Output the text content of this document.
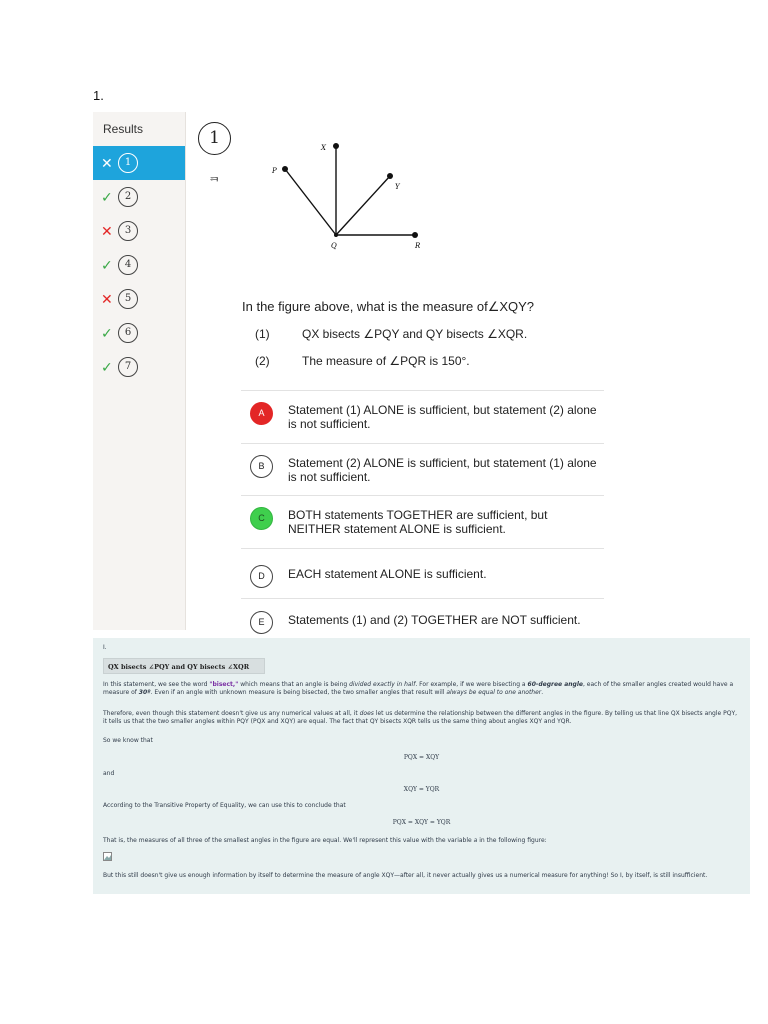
1.
Results
✕	1
✓	2
✕	3
✓	4
✕	5
✓	6
✓	7
1
ᆿ
X
P
Y
Q	R
In the figure above, what is the measure of∠XQY?
(1)	QX bisects ∠PQY and QY bisects ∠XQR.
(2)	The measure of ∠PQR is 150°.
A	Statement (1) ALONE is sufficient, but statement (2) alone is not sufficient.
B	Statement (2) ALONE is sufficient, but statement (1) alone is not sufficient.
C	BOTH statements TOGETHER are sufficient, but NEITHER statement ALONE is sufficient.
D	EACH statement ALONE is sufficient.
E	Statements (1) and (2) TOGETHER are NOT sufficient.

I.

QX bisects ∠PQY and QY bisects ∠XQR

In this statement, we see the word "bisect," which means that an angle is being divided exactly in half. For example, if we were bisecting a 60-degree angle, each of the smaller angles created would have a measure of 30º. Even if an angle with unknown measure is being bisected, the two smaller angles that result will always be equal to one another.

Therefore, even though this statement doesn't give us any numerical values at all, it does let us determine the relationship between the different angles in the figure. By telling us that line QX bisects angle PQY, it tells us that the two smaller angles within PQY (PQX and XQY) are equal. The fact that QY bisects XQR tells us the same thing about angles XQY and YQR.

So we know that

PQX = XQY

and

XQY = YQR

According to the Transitive Property of Equality, we can use this to conclude that

PQX = XQY = YQR

That is, the measures of all three of the smallest angles in the figure are equal. We'll represent this value with the variable a in the following figure:

But this still doesn't give us enough information by itself to determine the measure of angle XQY—after all, it never actually gives us a numerical measure for anything! So I, by itself, is still insufficient.
